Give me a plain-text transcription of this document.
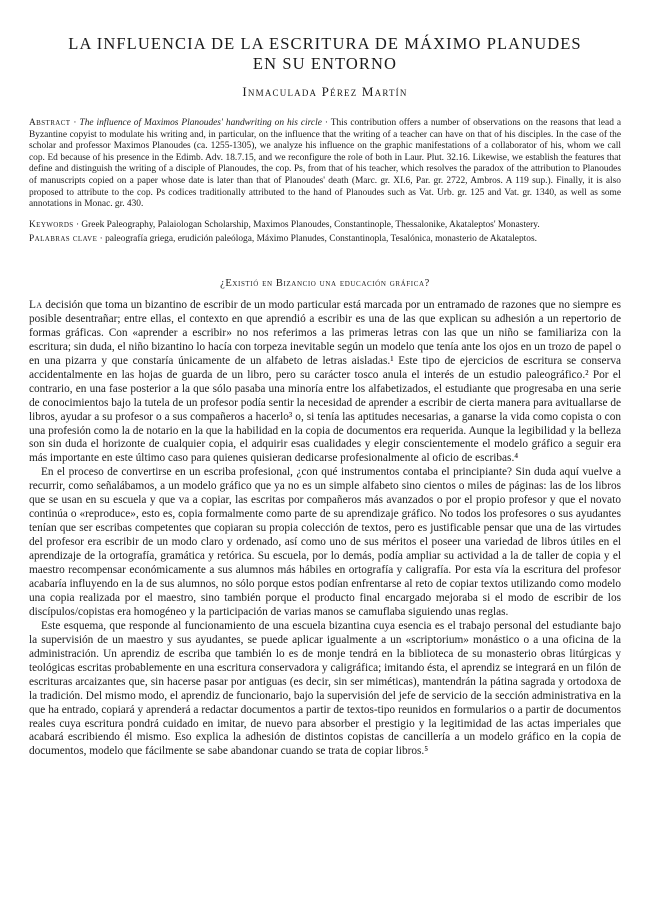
LA INFLUENCIA DE LA ESCRITURA DE MÁXIMO PLANUDES
EN SU ENTORNO
Inmaculada Pérez Martín

Abstract · The influence of Maximos Planoudes' handwriting on his circle · This contribution offers a number of observations on the reasons that lead a Byzantine copyist to modulate his writing and, in particular, on the influence that the writing of a teacher can have on that of his disciples. In the case of the scholar and professor Maximos Planoudes (ca. 1255-1305), we analyze his influence on the graphic manifestations of a collaborator of his, whom we call cop. Ed because of his presence in the Edimb. Adv. 18.7.15, and we reconfigure the role of both in Laur. Plut. 32.16. Likewise, we establish the features that define and distinguish the writing of a disciple of Planoudes, the cop. Ps, from that of his teacher, which resolves the paradox of the attribution to Planoudes of manuscripts copied on a paper whose date is later than that of Planoudes' death (Marc. gr. XI.6, Par. gr. 2722, Ambros. A 119 sup.). Finally, it is also proposed to attribute to the cop. Ps codices traditionally attributed to the hand of Planoudes such as Vat. Urb. gr. 125 and Vat. gr. 1340, as well as some annotations in Monac. gr. 430.

Keywords · Greek Paleography, Palaiologan Scholarship, Maximos Planoudes, Constantinople, Thessalonike, Akataleptos' Monastery.

Palabras clave · paleografía griega, erudición paleóloga, Máximo Planudes, Constantinopla, Tesalónica, monasterio de Akataleptos.

¿Existió en Bizancio una educación gráfica?

La decisión que toma un bizantino de escribir de un modo particular está marcada por un entramado de razones que no siempre es posible desentrañar; entre ellas, el contexto en que aprendió a escribir es una de las que explican su adhesión a un repertorio de formas gráficas. Con «aprender a escribir» no nos referimos a las primeras letras con las que un niño se familiariza con la escritura; sin duda, el niño bizantino lo hacía con torpeza inevitable según un modelo que tenía ante los ojos en un trozo de papel o en una pizarra y que constaría únicamente de un alfabeto de letras aisladas.¹ Este tipo de ejercicios de escritura se conserva accidentalmente en las hojas de guarda de un libro, pero su carácter tosco anula el interés de un estudio paleográfico.² Por el contrario, en una fase posterior a la que sólo pasaba una minoría entre los alfabetizados, el estudiante que progresaba en una serie de conocimientos bajo la tutela de un profesor podía sentir la necesidad de aprender a escribir de cierta manera para avituallarse de libros, ayudar a su profesor o a sus compañeros a hacerlo³ o, si tenía las aptitudes necesarias, a ganarse la vida como copista o con una profesión como la de notario en la que la habilidad en la copia de documentos era requerida. Aunque la legibilidad y la belleza son sin duda el horizonte de cualquier copia, el adquirir esas cualidades y elegir conscientemente el modelo gráfico a seguir era más importante en este último caso para quienes quisieran dedicarse profesionalmente al oficio de escribas.⁴

En el proceso de convertirse en un escriba profesional, ¿con qué instrumentos contaba el principiante? Sin duda aquí vuelve a recurrir, como señalábamos, a un modelo gráfico que ya no es un simple alfabeto sino cientos o miles de páginas: las de los libros que se usan en su escuela y que va a copiar, las escritas por compañeros más avanzados o por el propio profesor y que el novato continúa o «reproduce», esto es, copia formalmente como parte de su aprendizaje gráfico. No todos los profesores o sus ayudantes tenían que ser escribas competentes que copiaran su propia colección de textos, pero es justificable pensar que una de las virtudes del profesor era escribir de un modo claro y ordenado, así como uno de sus méritos el poseer una variedad de libros útiles en el aprendizaje de la ortografía, gramática y retórica. Su escuela, por lo demás, podía ampliar su actividad a la de taller de copia y el maestro recompensar económicamente a sus alumnos más hábiles en ortografía y caligrafía. Por esta vía la escritura del profesor acabaría influyendo en la de sus alumnos, no sólo porque estos podían enfrentarse al reto de copiar textos utilizando como modelo una copia realizada por el maestro, sino también porque el producto final encargado mejoraba si el modo de escribir de los discípulos/copistas era homogéneo y la participación de varias manos se camuflaba siguiendo unas reglas.

Este esquema, que responde al funcionamiento de una escuela bizantina cuya esencia es el trabajo personal del estudiante bajo la supervisión de un maestro y sus ayudantes, se puede aplicar igualmente a un «scriptorium» monástico o a una oficina de la administración. Un aprendiz de escriba que también lo es de monje tendrá en la biblioteca de su monasterio obras litúrgicas y teológicas escritas probablemente en una escritura conservadora y caligráfica; imitando ésta, el aprendiz se integrará en un filón de escrituras arcaizantes que, sin hacerse pasar por antiguas (es decir, sin ser miméticas), mantendrán la pátina sagrada y ortodoxa de la tradición. Del mismo modo, el aprendiz de funcionario, bajo la supervisión del jefe de servicio de la sección administrativa en la que ha entrado, copiará y aprenderá a redactar documentos a partir de textos-tipo reunidos en formularios o a partir de documentos reales cuya escritura pondrá cuidado en imitar, de nuevo para absorber el prestigio y la legitimidad de las actas imperiales que acabará escribiendo él mismo. Eso explica la adhesión de distintos copistas de cancillería a un modelo gráfico en la copia de documentos, modelo que fácilmente se sabe abandonar cuando se trata de copiar libros.⁵
